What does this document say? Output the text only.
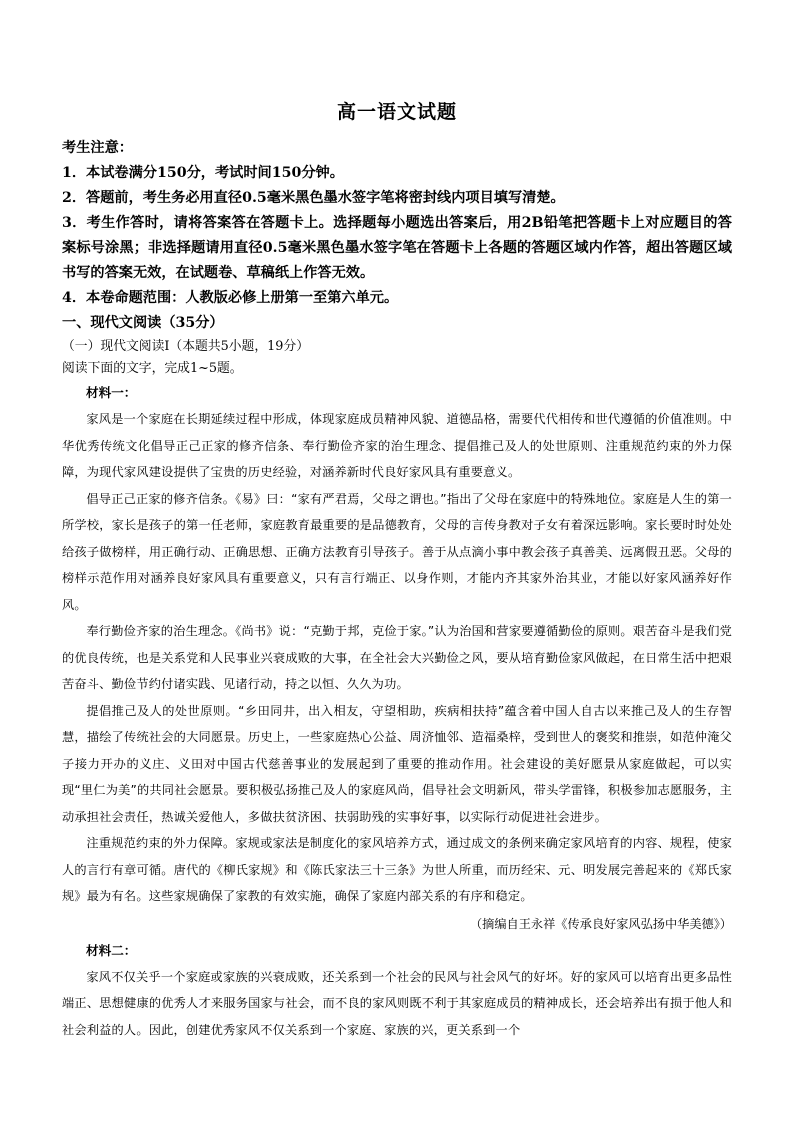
高一语文试题

考生注意：

1．本试卷满分150分，考试时间150分钟。

2．答题前，考生务必用直径0.5毫米黑色墨水签字笔将密封线内项目填写清楚。

3．考生作答时，请将答案答在答题卡上。选择题每小题选出答案后，用2B铅笔把答题卡上对应题目的答案标号涂黑；非选择题请用直径0.5毫米黑色墨水签字笔在答题卡上各题的答题区域内作答，超出答题区域书写的答案无效，在试题卷、草稿纸上作答无效。

4．本卷命题范围：人教版必修上册第一至第六单元。

一、现代文阅读（35分）

（一）现代文阅读Ⅰ（本题共5小题，19分）

阅读下面的文字，完成1~5题。

材料一：

家风是一个家庭在长期延续过程中形成，体现家庭成员精神风貌、道德品格，需要代代相传和世代遵循的价值准则。中华优秀传统文化倡导正己正家的修齐信条、奉行勤俭齐家的治生理念、提倡推己及人的处世原则、注重规范约束的外力保障，为现代家风建设提供了宝贵的历史经验，对涵养新时代良好家风具有重要意义。

倡导正己正家的修齐信条。《易》曰：“家有严君焉，父母之谓也。”指出了父母在家庭中的特殊地位。家庭是人生的第一所学校，家长是孩子的第一任老师，家庭教育最重要的是品德教育，父母的言传身教对子女有着深远影响。家长要时时处处给孩子做榜样，用正确行动、正确思想、正确方法教育引导孩子。善于从点滴小事中教会孩子真善美、远离假丑恶。父母的榜样示范作用对涵养良好家风具有重要意义，只有言行端正、以身作则，才能内齐其家外治其业，才能以好家风涵养好作风。

奉行勤俭齐家的治生理念。《尚书》说：“克勤于邦，克俭于家。”认为治国和营家要遵循勤俭的原则。艰苦奋斗是我们党的优良传统，也是关系党和人民事业兴衰成败的大事，在全社会大兴勤俭之风，要从培育勤俭家风做起，在日常生活中把艰苦奋斗、勤俭节约付诸实践、见诸行动，持之以恒、久久为功。

提倡推己及人的处世原则。“乡田同井，出入相友，守望相助，疾病相扶持”蕴含着中国人自古以来推己及人的生存智慧，描绘了传统社会的大同愿景。历史上，一些家庭热心公益、周济恤邻、造福桑梓，受到世人的褒奖和推崇，如范仲淹父子接力开办的义庄、义田对中国古代慈善事业的发展起到了重要的推动作用。社会建设的美好愿景从家庭做起，可以实现“里仁为美”的共同社会愿景。要积极弘扬推己及人的家庭风尚，倡导社会文明新风，带头学雷锋，积极参加志愿服务，主动承担社会责任，热诚关爱他人，多做扶贫济困、扶弱助残的实事好事，以实际行动促进社会进步。

注重规范约束的外力保障。家规或家法是制度化的家风培养方式，通过成文的条例来确定家风培育的内容、规程，使家人的言行有章可循。唐代的《柳氏家规》和《陈氏家法三十三条》为世人所重，而历经宋、元、明发展完善起来的《郑氏家规》最为有名。这些家规确保了家教的有效实施，确保了家庭内部关系的有序和稳定。

（摘编自王永祥《传承良好家风弘扬中华美德》）

材料二：

家风不仅关乎一个家庭或家族的兴衰成败，还关系到一个社会的民风与社会风气的好坏。好的家风可以培育出更多品性端正、思想健康的优秀人才来服务国家与社会，而不良的家风则既不利于其家庭成员的精神成长，还会培养出有损于他人和社会利益的人。因此，创建优秀家风不仅关系到一个家庭、家族的兴，更关系到一个
